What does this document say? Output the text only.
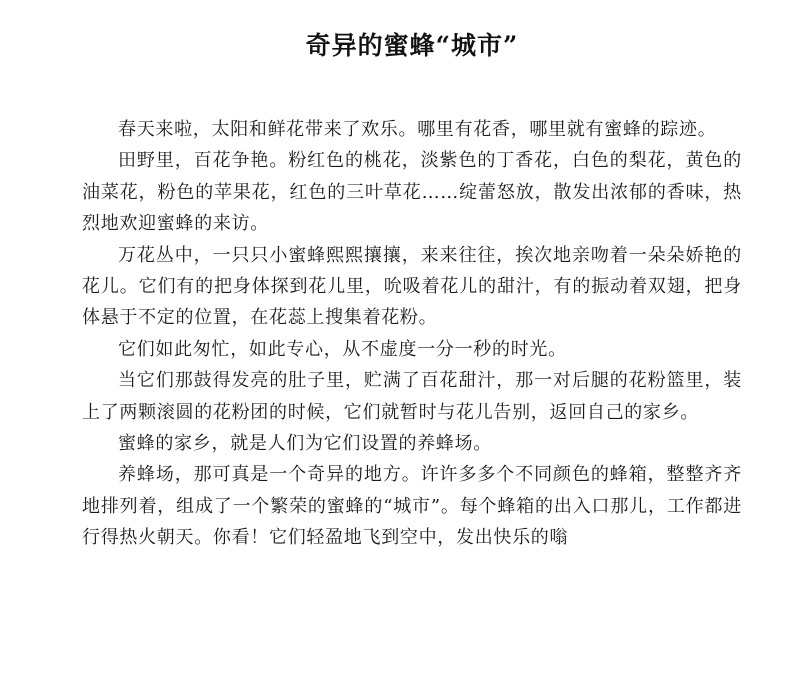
奇异的蜜蜂“城市”

春天来啦，太阳和鲜花带来了欢乐。哪里有花香，哪里就有蜜蜂的踪迹。

田野里，百花争艳。粉红色的桃花，淡紫色的丁香花，白色的梨花，黄色的油菜花，粉色的苹果花，红色的三叶草花……绽蕾怒放，散发出浓郁的香味，热烈地欢迎蜜蜂的来访。

万花丛中，一只只小蜜蜂熙熙攘攘，来来往往，挨次地亲吻着一朵朵娇艳的花儿。它们有的把身体探到花儿里，吮吸着花儿的甜汁，有的振动着双翅，把身体悬于不定的位置，在花蕊上搜集着花粉。

它们如此匆忙，如此专心，从不虚度一分一秒的时光。

当它们那鼓得发亮的肚子里，贮满了百花甜汁，那一对后腿的花粉篮里，装上了两颗滚圆的花粉团的时候，它们就暂时与花儿告别，返回自己的家乡。

蜜蜂的家乡，就是人们为它们设置的养蜂场。

养蜂场，那可真是一个奇异的地方。许许多多个不同颜色的蜂箱，整整齐齐地排列着，组成了一个繁荣的蜜蜂的“城市”。每个蜂箱的出入口那儿，工作都进行得热火朝天。你看！它们轻盈地飞到空中，发出快乐的嗡
